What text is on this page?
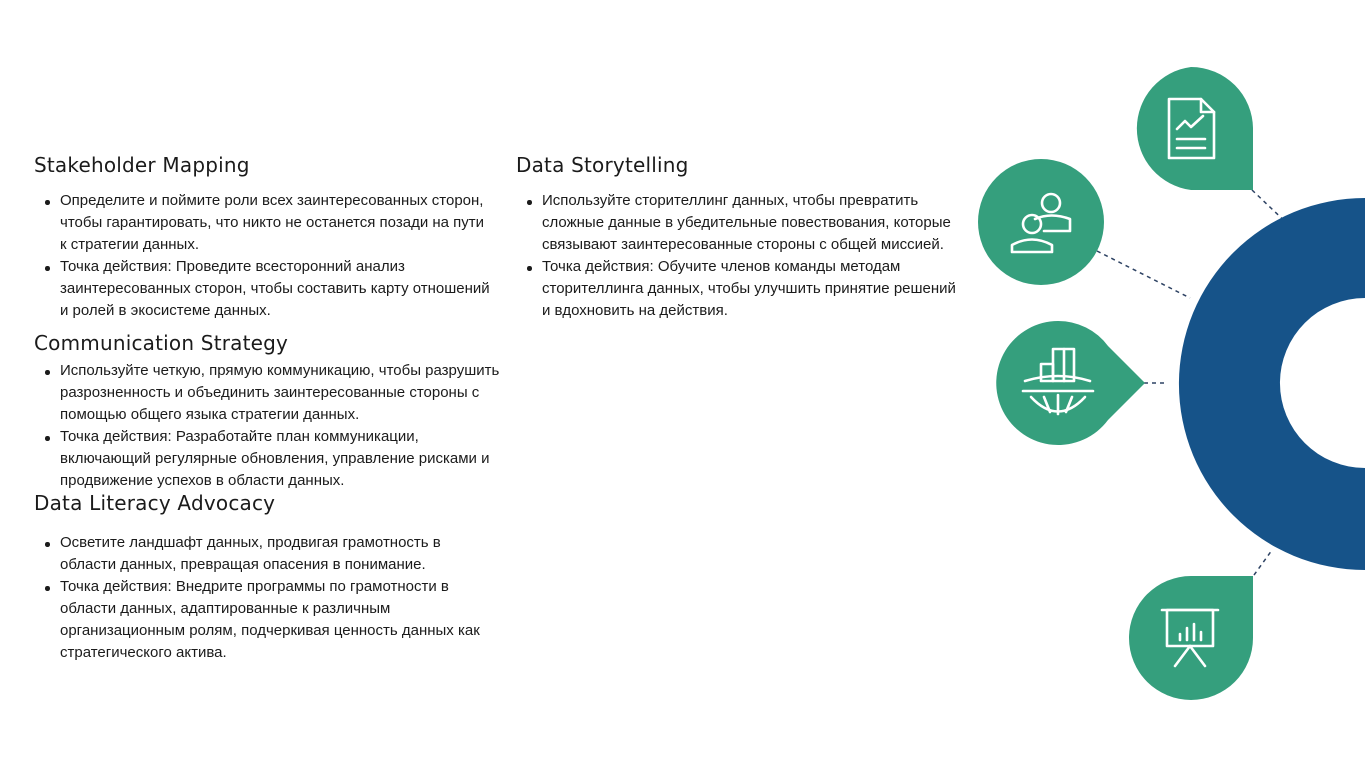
Stakeholder Mapping
Определите и поймите роли всех заинтересованных сторон, чтобы гарантировать, что никто не останется позади на пути к стратегии данных.
Точка действия: Проведите всесторонний анализ заинтересованных сторон, чтобы составить карту отношений и ролей в экосистеме данных.
Communication Strategy
Используйте четкую, прямую коммуникацию, чтобы разрушить разрозненность и объединить заинтересованные стороны с помощью общего языка стратегии данных.
Точка действия: Разработайте план коммуникации, включающий регулярные обновления, управление рисками и продвижение успехов в области данных.
Data Literacy Advocacy
Осветите ландшафт данных, продвигая грамотность в области данных, превращая опасения в понимание.
Точка действия: Внедрите программы по грамотности в области данных, адаптированные к различным организационным ролям, подчеркивая ценность данных как стратегического актива.
Data Storytelling
Используйте сторителлинг данных, чтобы превратить сложные данные в убедительные повествования, которые связывают заинтересованные стороны с общей миссией.
Точка действия: Обучите членов команды методам сторителлинга данных, чтобы улучшить принятие решений и вдохновить на действия.
